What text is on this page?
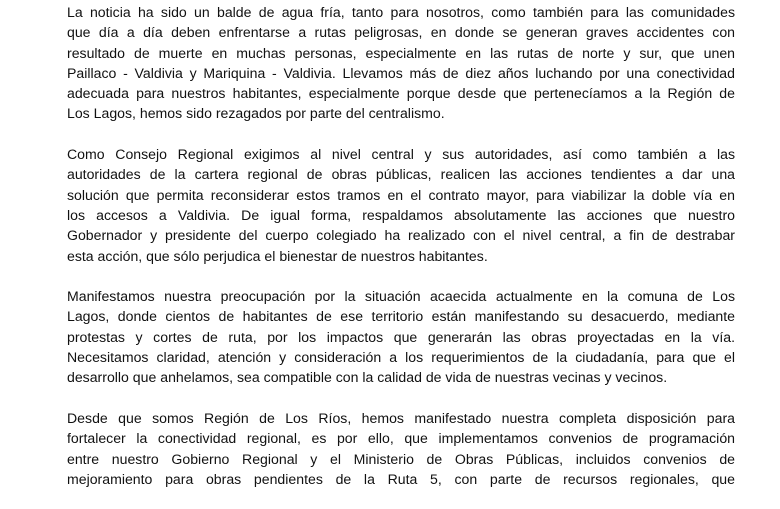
La noticia ha sido un balde de agua fría, tanto para nosotros, como también para las comunidades
que día a día deben enfrentarse a rutas peligrosas, en donde se generan graves accidentes con
resultado de muerte en muchas personas, especialmente en las rutas de norte y sur, que unen
Paillaco - Valdivia y Mariquina - Valdivia. Llevamos más de diez años luchando por una conectividad
adecuada para nuestros habitantes, especialmente porque desde que pertenecíamos a la Región de
Los Lagos, hemos sido rezagados por parte del centralismo.

Como Consejo Regional exigimos al nivel central y sus autoridades, así como también a las
autoridades de la cartera regional de obras públicas, realicen las acciones tendientes a dar una
solución que permita reconsiderar estos tramos en el contrato mayor, para viabilizar la doble vía en
los accesos a Valdivia. De igual forma, respaldamos absolutamente las acciones que nuestro
Gobernador y presidente del cuerpo colegiado ha realizado con el nivel central, a fin de destrabar
esta acción, que sólo perjudica el bienestar de nuestros habitantes.

Manifestamos nuestra preocupación por la situación acaecida actualmente en la comuna de Los
Lagos, donde cientos de habitantes de ese territorio están manifestando su desacuerdo, mediante
protestas y cortes de ruta, por los impactos que generarán las obras proyectadas en la vía.
Necesitamos claridad, atención y consideración a los requerimientos de la ciudadanía, para que el
desarrollo que anhelamos, sea compatible con la calidad de vida de nuestras vecinas y vecinos.

Desde que somos Región de Los Ríos, hemos manifestado nuestra completa disposición para
fortalecer la conectividad regional, es por ello, que implementamos convenios de programación
entre nuestro Gobierno Regional y el Ministerio de Obras Públicas, incluidos convenios de
mejoramiento para obras pendientes de la Ruta 5, con parte de recursos regionales, que
